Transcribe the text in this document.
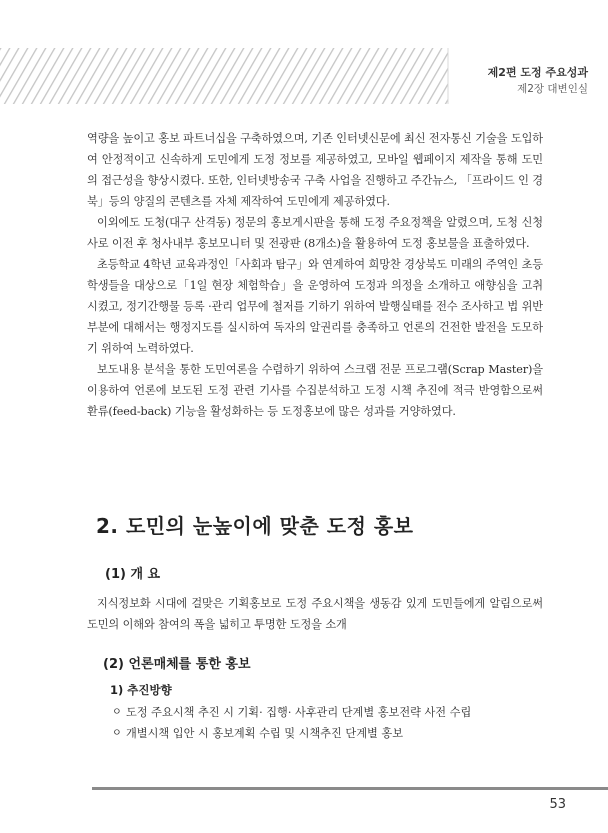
제2편 도정 주요성과
제2장 대변인실

역량을 높이고 홍보 파트너십을 구축하였으며, 기존 인터넷신문에 최신 전자통신 기술을 도입하여 안정적이고 신속하게 도민에게 도정 정보를 제공하였고, 모바일 웹페이지 제작을 통해 도민의 접근성을 향상시켰다. 또한, 인터넷방송국 구축 사업을 진행하고 주간뉴스, 「프라이드 인 경북」등의 양질의 콘텐츠를 자체 제작하여 도민에게 제공하였다.

이외에도 도청(대구 산격동) 정문의 홍보게시판을 통해 도정 주요정책을 알렸으며, 도청 신청사로 이전 후 청사내부 홍보모니터 및 전광판 (8개소)을 활용하여 도정 홍보물을 표출하였다.

초등학교 4학년 교육과정인「사회과 탐구」와 연계하여 희망찬 경상북도 미래의 주역인 초등학생들을 대상으로「1일 현장 체험학습」을 운영하여 도정과 의정을 소개하고 애향심을 고취시켰고, 정기간행물 등록 ·관리 업무에 철저를 기하기 위하여 발행실태를 전수 조사하고 법 위반 부분에 대해서는 행정지도를 실시하여 독자의 알권리를 충족하고 언론의 건전한 발전을 도모하기 위하여 노력하였다.

보도내용 분석을 통한 도민여론을 수렴하기 위하여 스크랩 전문 프로그램(Scrap Master)을 이용하여 언론에 보도된 도정 관련 기사를 수집분석하고 도정 시책 추진에 적극 반영함으로써 환류(feed-back) 기능을 활성화하는 등 도정홍보에 많은 성과를 거양하였다.

2. 도민의 눈높이에 맞춘 도정 홍보
(1) 개 요

지식정보화 시대에 걸맞은 기획홍보로 도정 주요시책을 생동감 있게 도민들에게 알림으로써 도민의 이해와 참여의 폭을 넓히고 투명한 도정을 소개

(2) 언론매체를 통한 홍보
1) 추진방향
ㅇ 도정 주요시책 추진 시 기획· 집행· 사후관리 단계별 홍보전략 사전 수립
ㅇ 개별시책 입안 시 홍보계획 수립 및 시책추진 단계별 홍보
53
